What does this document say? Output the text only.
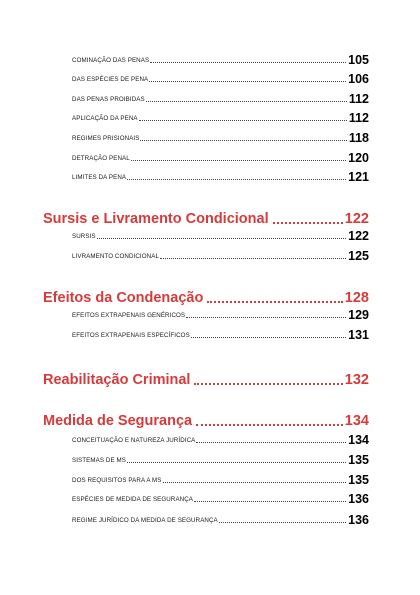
COMINAÇÃO DAS PENAS	105
DAS ESPÉCIES DE PENA	106
DAS PENAS PROIBIDAS	112
APLICAÇÃO DA PENA	112
REGIMES PRISIONAIS	118
DETRAÇÃO PENAL	120
LIMITES DA PENA	121
Sursis e Livramento Condicional	122
SURSIS	122
LIVRAMENTO CONDICIONAL	125
Efeitos da Condenação	128
EFEITOS EXTRAPENAIS GENÉRICOS	129
EFEITOS EXTRAPENAIS ESPECÍFICOS	131
Reabilitação Criminal	132
Medida de Segurança	134
CONCEITUAÇÃO E NATUREZA JURÍDICA	134
SISTEMAS DE MS	135
DOS REQUISITOS PARA A MS	135
ESPÉCIES DE MEDIDA DE SEGURANÇA	136
REGIME JURÍDICO DA MEDIDA DE SEGURANÇA	136
